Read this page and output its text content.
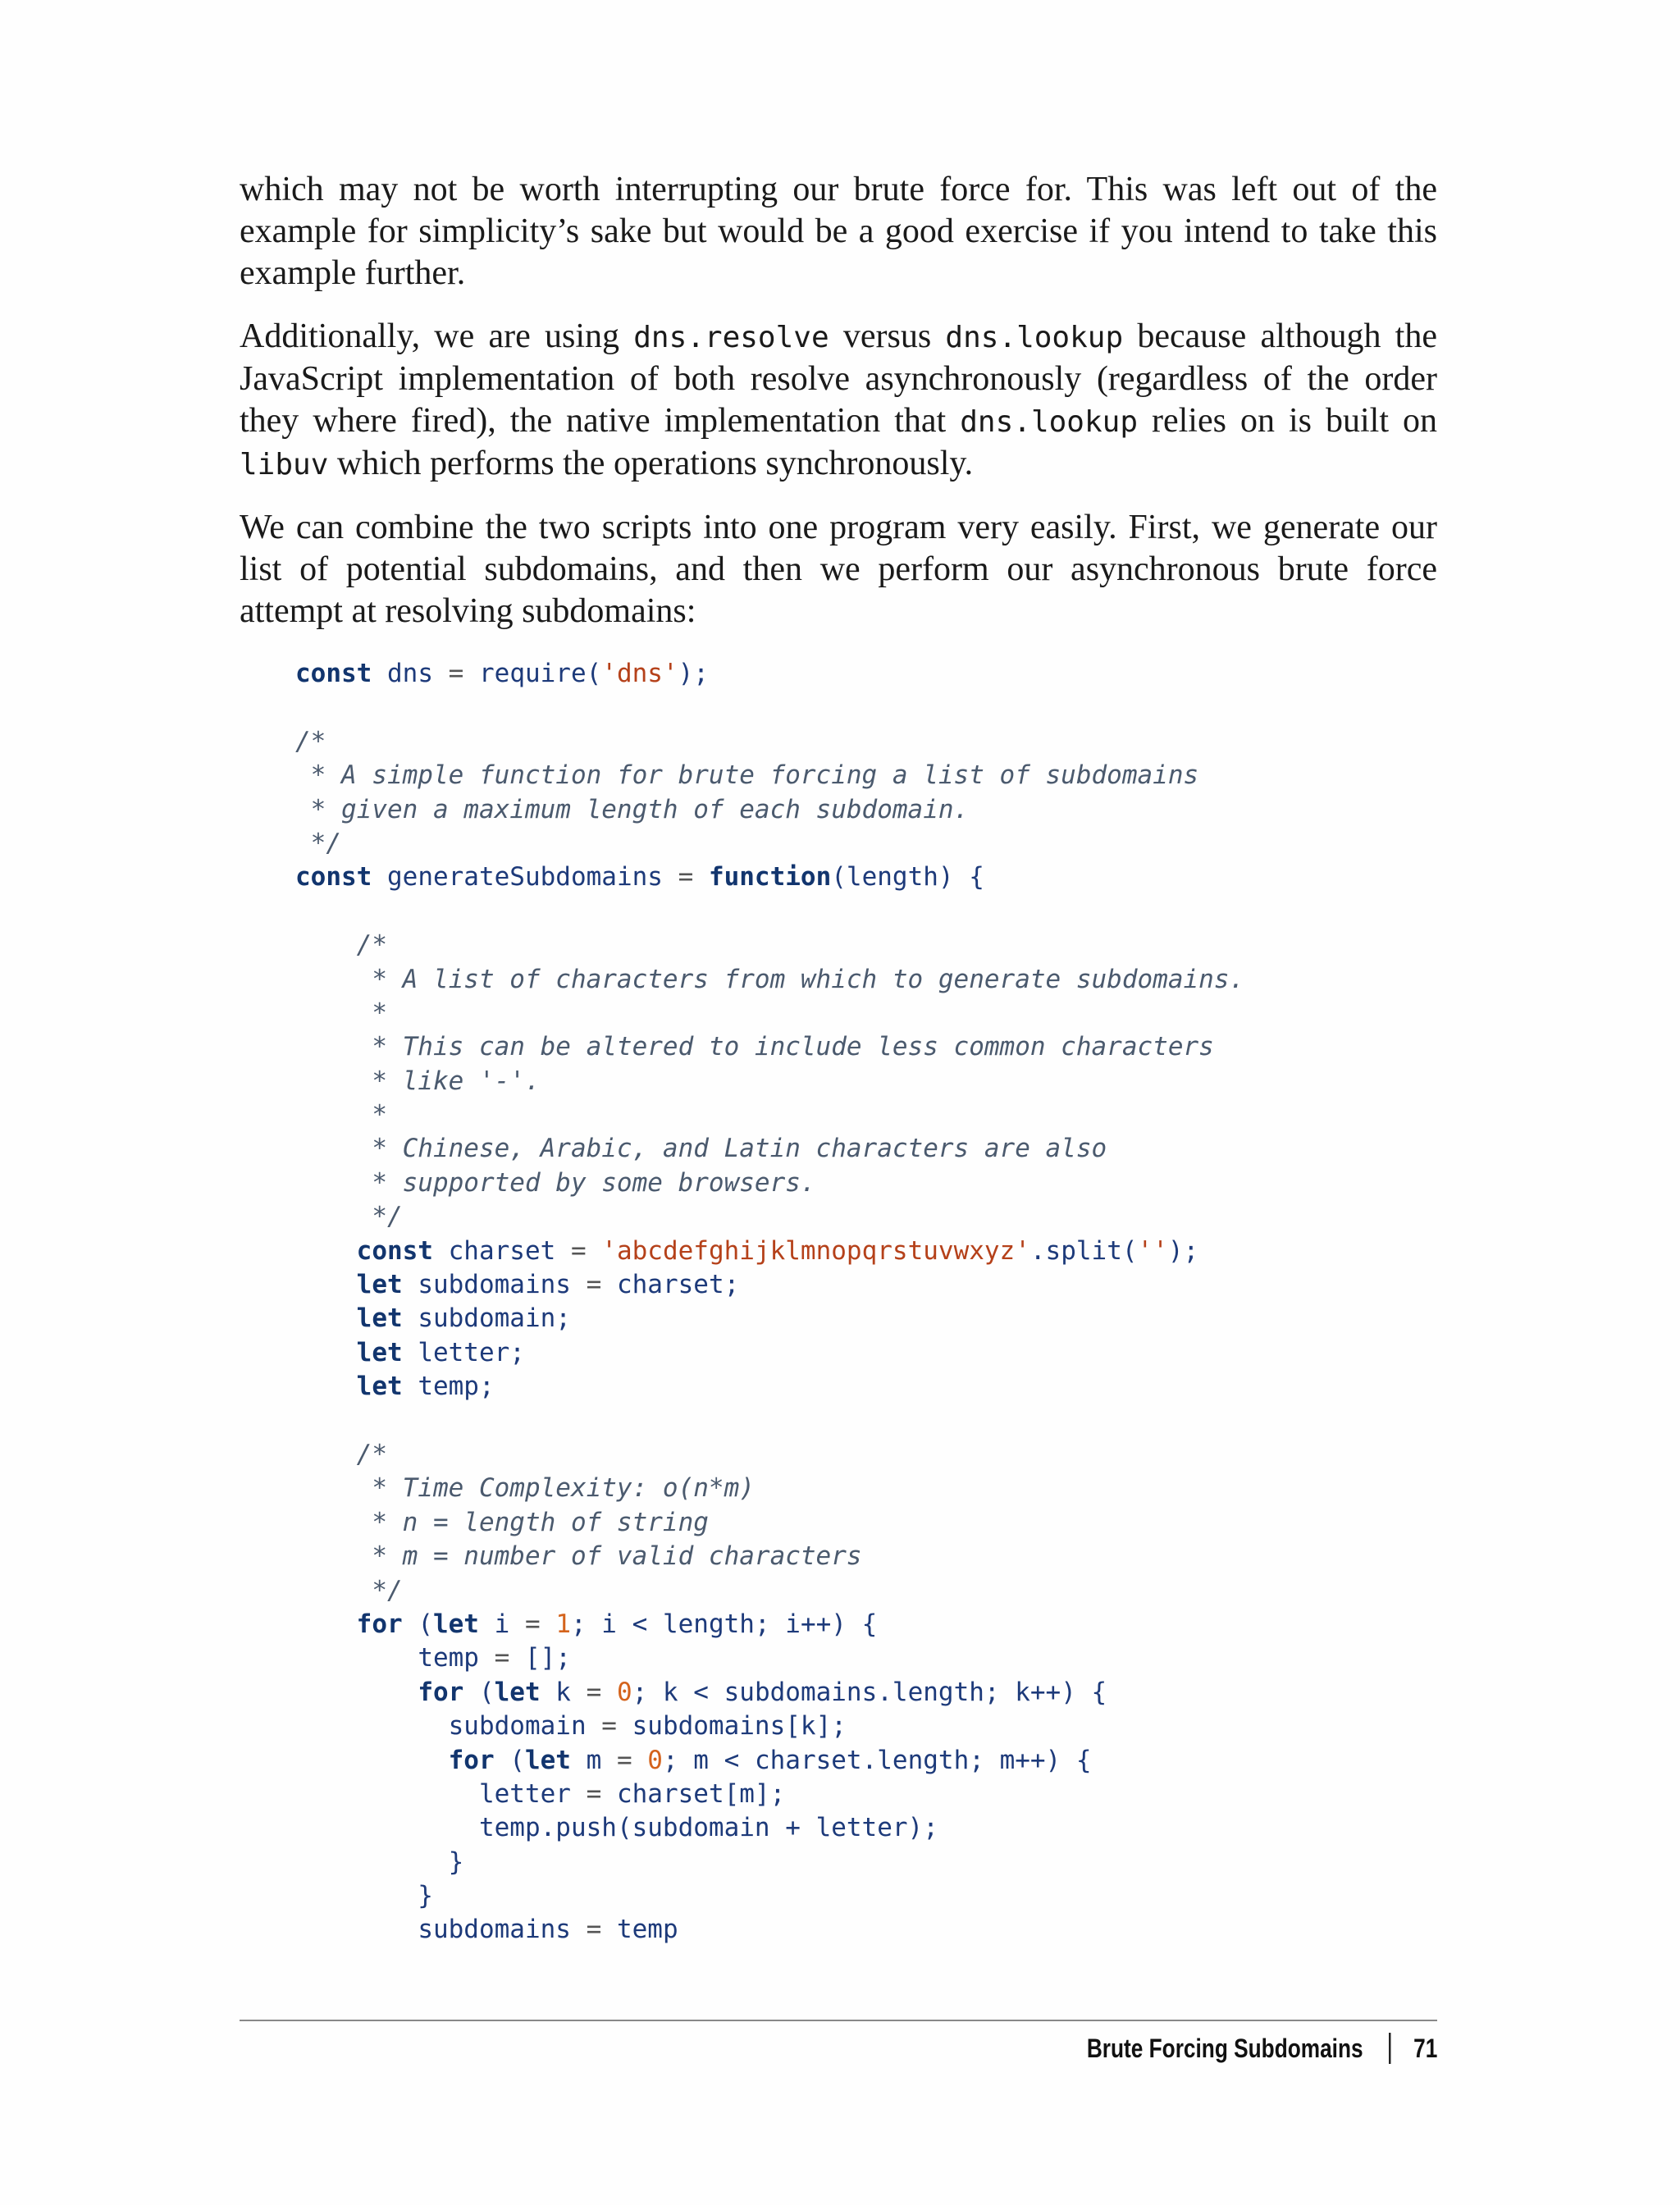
which may not be worth interrupting our brute force for. This was left out of the example for simplicity’s sake but would be a good exercise if you intend to take this example further.

Additionally, we are using dns.resolve versus dns.lookup because although the JavaScript implementation of both resolve asynchronously (regardless of the order they where fired), the native implementation that dns.lookup relies on is built on libuv which performs the operations synchronously.

We can combine the two scripts into one program very easily. First, we generate our list of potential subdomains, and then we perform our asynchronous brute force attempt at resolving subdomains:

const dns = require('dns');
/*
* A simple function for brute forcing a list of subdomains
* given a maximum length of each subdomain.
*/
const generateSubdomains = function(length) {
/*
* A list of characters from which to generate subdomains.
*
* This can be altered to include less common characters
* like '-'.
*
* Chinese, Arabic, and Latin characters are also
* supported by some browsers.
*/
const charset = 'abcdefghijklmnopqrstuvwxyz'.split('');
let subdomains = charset;
let subdomain;
let letter;
let temp;
/*
* Time Complexity: o(n*m)
* n = length of string
* m = number of valid characters
*/
for (let i = 1; i < length; i++) {
temp = [];
for (let k = 0; k < subdomains.length; k++) {
subdomain = subdomains[k];
for (let m = 0; m < charset.length; m++) {
letter = charset[m];
temp.push(subdomain + letter);
}
}
subdomains = temp
Brute Forcing Subdomains 71
